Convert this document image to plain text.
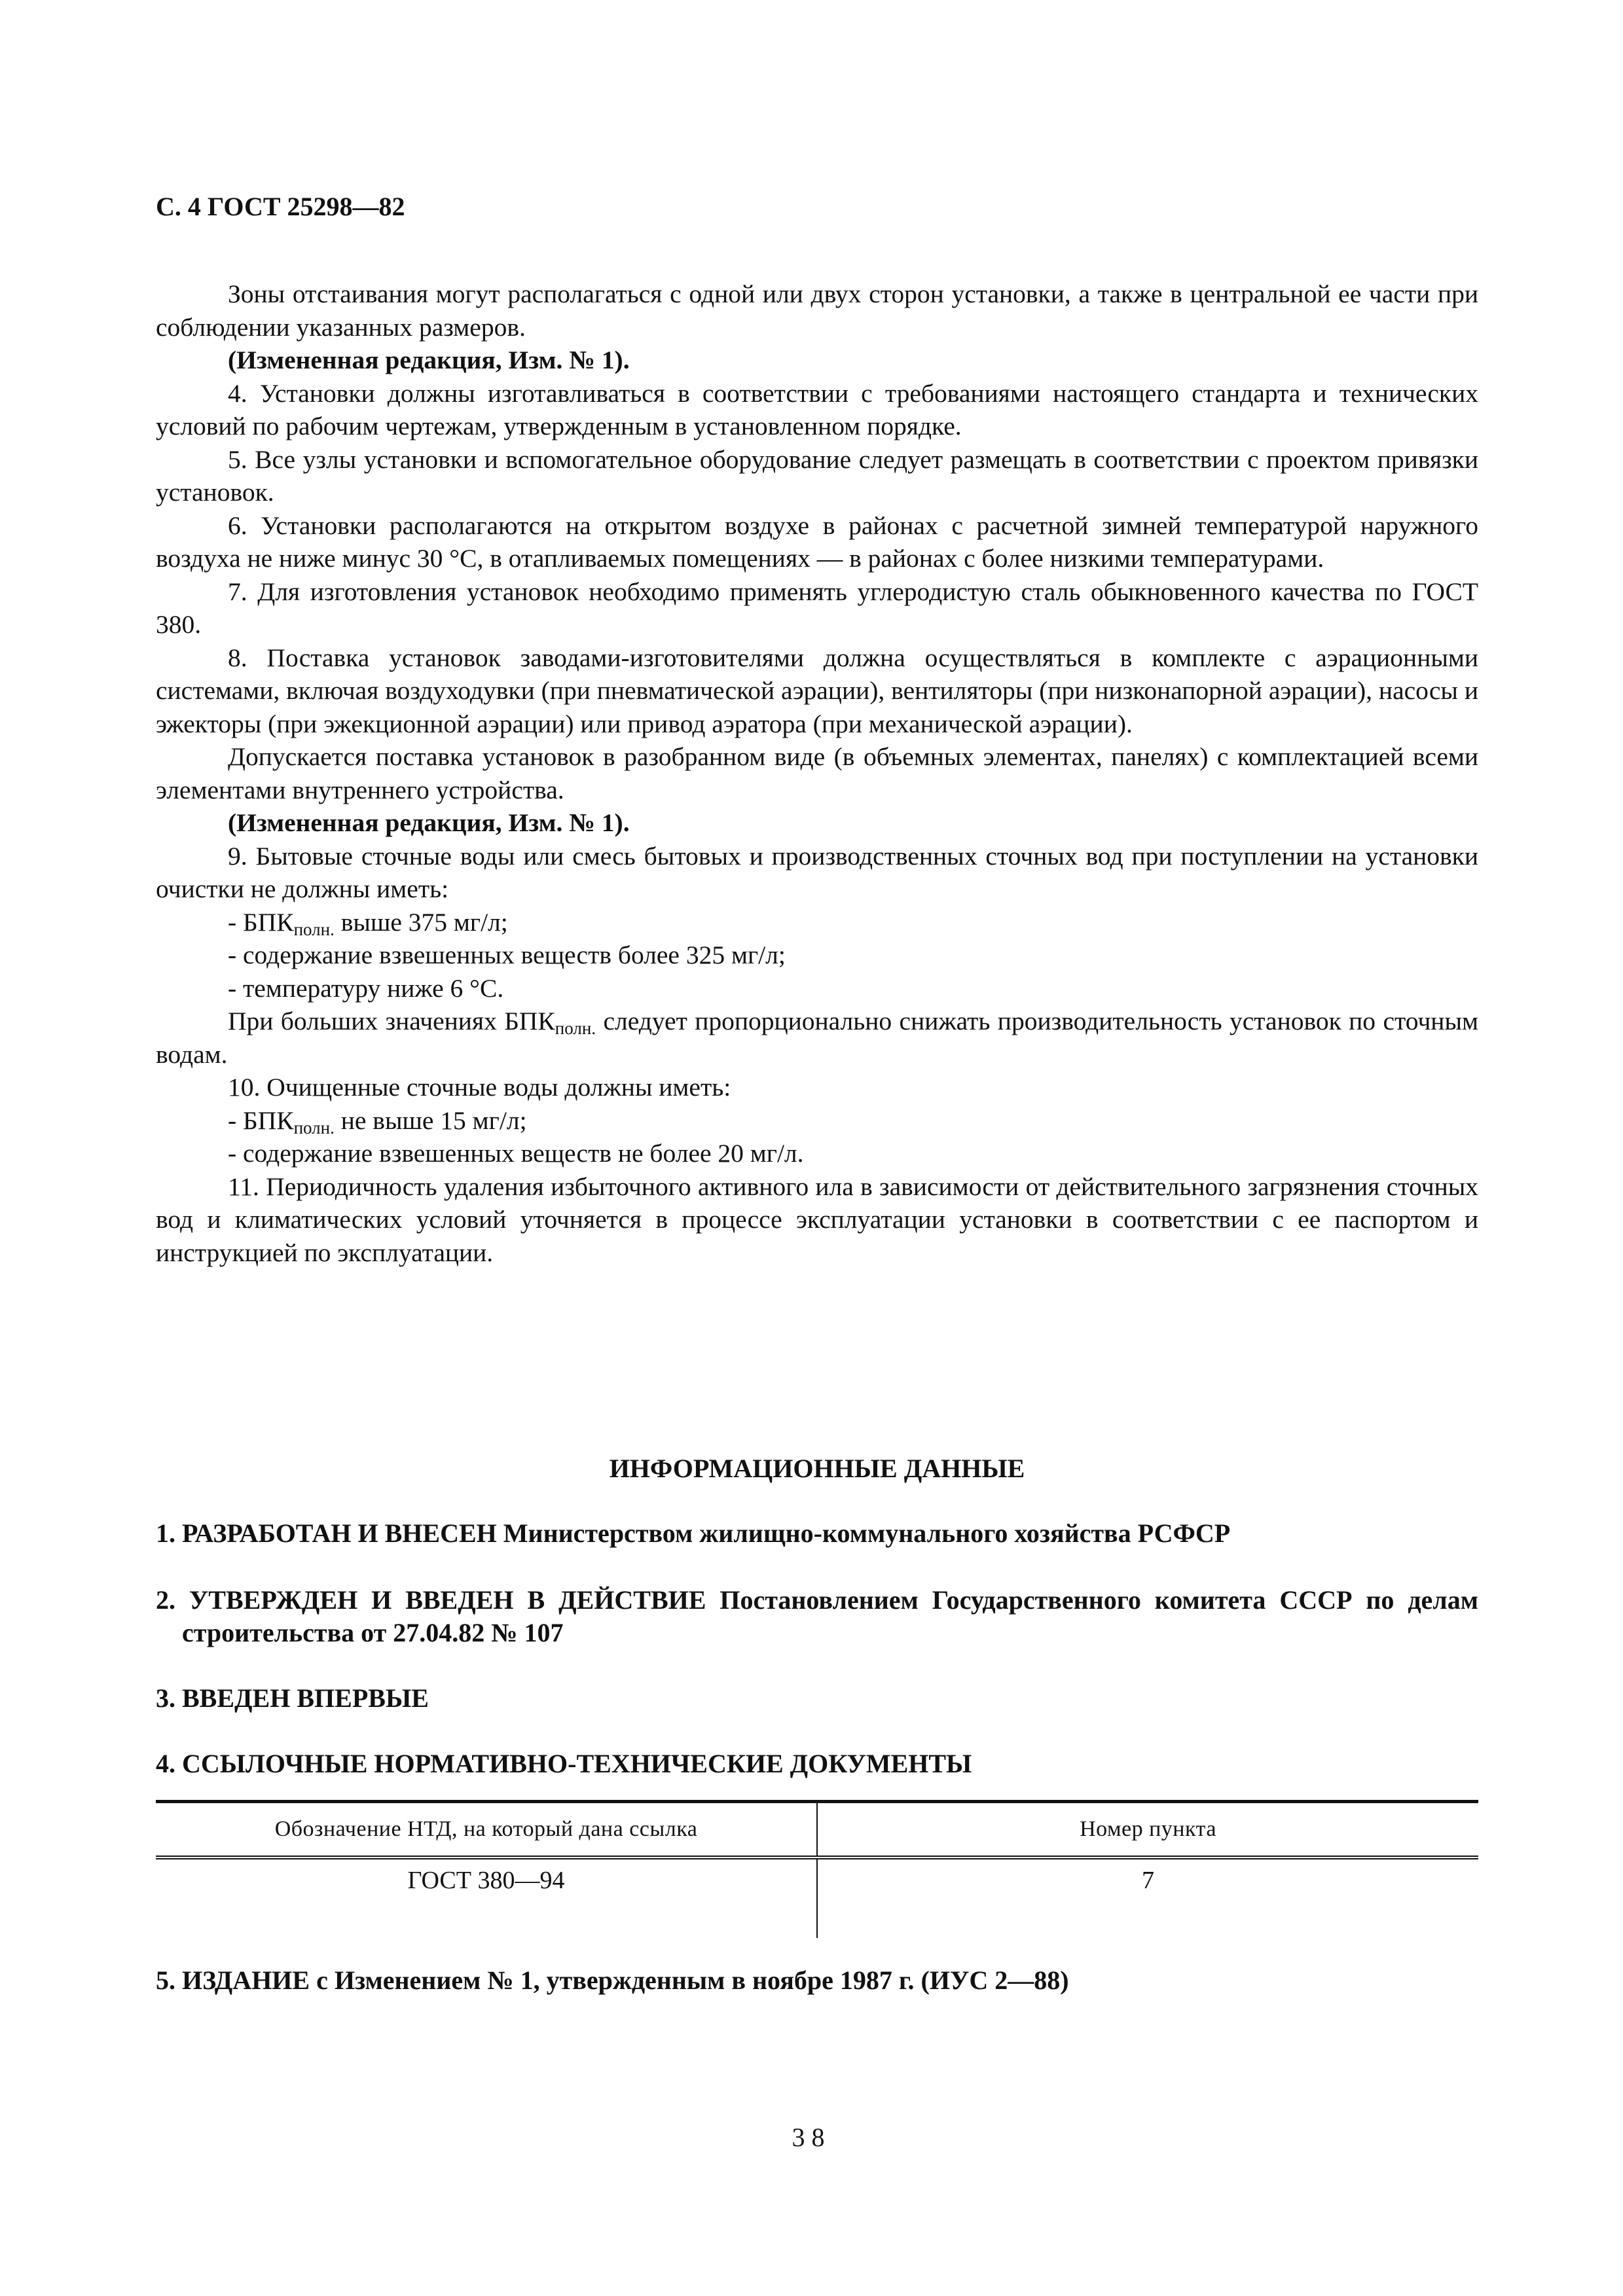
С. 4 ГОСТ 25298—82

Зоны отстаивания могут располагаться с одной или двух сторон установки, а также в центральной ее части при соблюдении указанных размеров.

(Измененная редакция, Изм. № 1).

4. Установки должны изготавливаться в соответствии с требованиями настоящего стандарта и технических условий по рабочим чертежам, утвержденным в установленном порядке.

5. Все узлы установки и вспомогательное оборудование следует размещать в соответствии с проектом привязки установок.

6. Установки располагаются на открытом воздухе в районах с расчетной зимней температурой наружного воздуха не ниже минус 30 °С, в отапливаемых помещениях — в районах с более низкими температурами.

7. Для изготовления установок необходимо применять углеродистую сталь обыкновенного качества по ГОСТ 380.

8. Поставка установок заводами-изготовителями должна осуществляться в комплекте с аэрационными системами, включая воздуходувки (при пневматической аэрации), вентиляторы (при низконапорной аэрации), насосы и эжекторы (при эжекционной аэрации) или привод аэратора (при механической аэрации).

Допускается поставка установок в разобранном виде (в объемных элементах, панелях) с комплектацией всеми элементами внутреннего устройства.

(Измененная редакция, Изм. № 1).

9. Бытовые сточные воды или смесь бытовых и производственных сточных вод при поступлении на установки очистки не должны иметь:

- $БПК_{полн.}$ выше 375 мг/л;

- содержание взвешенных веществ более 325 мг/л;

- температуру ниже 6 °С.

При больших значениях $БПК_{полн.}$ следует пропорционально снижать производительность установок по сточным водам.

10. Очищенные сточные воды должны иметь:

- $БПК_{полн.}$ не выше 15 мг/л;

- содержание взвешенных веществ не более 20 мг/л.

11. Периодичность удаления избыточного активного ила в зависимости от действительного загрязнения сточных вод и климатических условий уточняется в процессе эксплуатации установки в соответствии с ее паспортом и инструкцией по эксплуатации.

ИНФОРМАЦИОННЫЕ ДАННЫЕ

1. РАЗРАБОТАН И ВНЕСЕН Министерством жилищно-коммунального хозяйства РСФСР

2. УТВЕРЖДЕН И ВВЕДЕН В ДЕЙСТВИЕ Постановлением Государственного комитета СССР по делам строительства от 27.04.82 № 107

3. ВВЕДЕН ВПЕРВЫЕ

4. ССЫЛОЧНЫЕ НОРМАТИВНО-ТЕХНИЧЕСКИЕ ДОКУМЕНТЫ

Обозначение НТД, на который дана ссылка	Номер пункта
ГОСТ 380—94	7

5. ИЗДАНИЕ с Изменением № 1, утвержденным в ноябре 1987 г. (ИУС 2—88)

38
